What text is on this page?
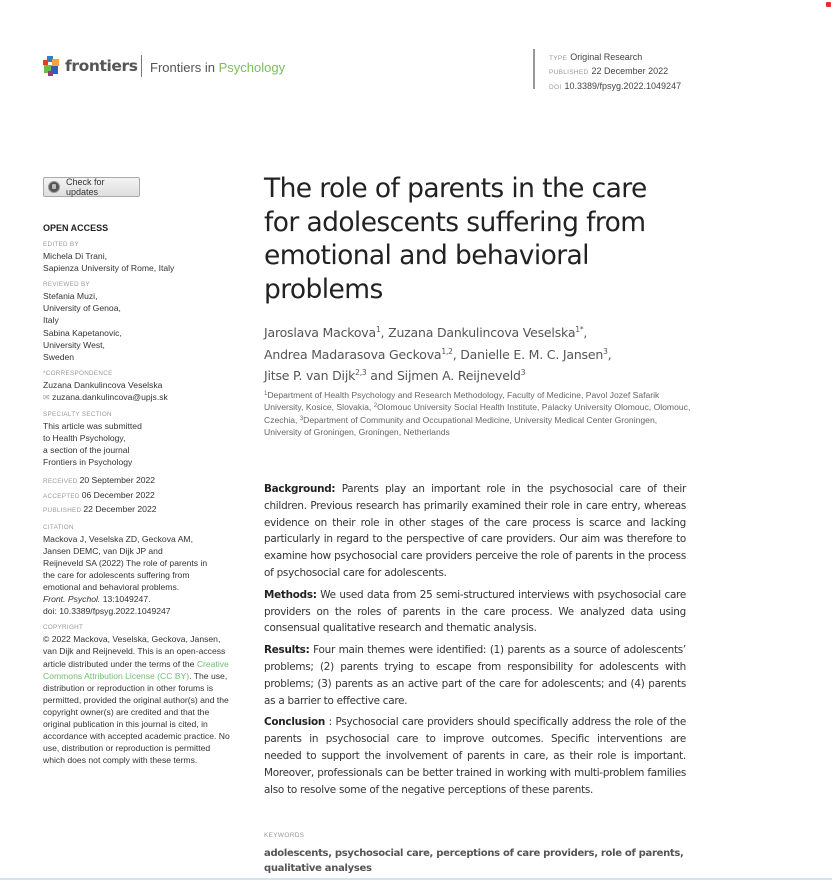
frontiers Frontiers in Psychology
TYPE Original Research
PUBLISHED 22 December 2022
DOI 10.3389/fpsyg.2022.1049247
Check for updates
OPEN ACCESS
EDITED BY
Michela Di Trani,
Sapienza University of Rome, Italy
REVIEWED BY
Stefania Muzi,
University of Genoa,
Italy
Sabina Kapetanovic,
University West,
Sweden
*CORRESPONDENCE
Zuzana Dankulincova Veselska
✉ zuzana.dankulincova@upjs.sk
SPECIALTY SECTION
This article was submitted
to Health Psychology,
a section of the journal
Frontiers in Psychology
RECEIVED 20 September 2022
ACCEPTED 06 December 2022
PUBLISHED 22 December 2022
CITATION
Mackova J, Veselska ZD, Geckova AM,
Jansen DEMC, van Dijk JP and
Reijneveld SA (2022) The role of parents in
the care for adolescents suffering from
emotional and behavioral problems.
Front. Psychol. 13:1049247.
doi: 10.3389/fpsyg.2022.1049247
COPYRIGHT
© 2022 Mackova, Veselska, Geckova, Jansen, van Dijk and Reijneveld. This is an open-access article distributed under the terms of the Creative Commons Attribution License (CC BY). The use, distribution or reproduction in other forums is permitted, provided the original author(s) and the copyright owner(s) are credited and that the original publication in this journal is cited, in accordance with accepted academic practice. No use, distribution or reproduction is permitted which does not comply with these terms.
The role of parents in the care for adolescents suffering from emotional and behavioral problems
Jaroslava Mackova$^1$, Zuzana Dankulincova Veselska$^{1*}$,
Andrea Madarasova Geckova$^{1,2}$, Danielle E. M. C. Jansen$^3$,
Jitse P. van Dijk$^{2,3}$ and Sijmen A. Reijneveld$^3$
$^1$Department of Health Psychology and Research Methodology, Faculty of Medicine, Pavol Jozef Safarik University, Kosice, Slovakia, $^2$Olomouc University Social Health Institute, Palacky University Olomouc, Olomouc, Czechia, $^3$Department of Community and Occupational Medicine, University Medical Center Groningen, University of Groningen, Groningen, Netherlands

Background: Parents play an important role in the psychosocial care of their children. Previous research has primarily examined their role in care entry, whereas evidence on their role in other stages of the care process is scarce and lacking particularly in regard to the perspective of care providers. Our aim was therefore to examine how psychosocial care providers perceive the role of parents in the process of psychosocial care for adolescents.

Methods: We used data from 25 semi-structured interviews with psychosocial care providers on the roles of parents in the care process. We analyzed data using consensual qualitative research and thematic analysis.

Results: Four main themes were identified: (1) parents as a source of adolescents’ problems; (2) parents trying to escape from responsibility for adolescents with problems; (3) parents as an active part of the care for adolescents; and (4) parents as a barrier to effective care.

Conclusion : Psychosocial care providers should specifically address the role of the parents in psychosocial care to improve outcomes. Specific interventions are needed to support the involvement of parents in care, as their role is important. Moreover, professionals can be better trained in working with multi-problem families also to resolve some of the negative perceptions of these parents.

KEYWORDS
adolescents, psychosocial care, perceptions of care providers, role of parents, qualitative analyses
